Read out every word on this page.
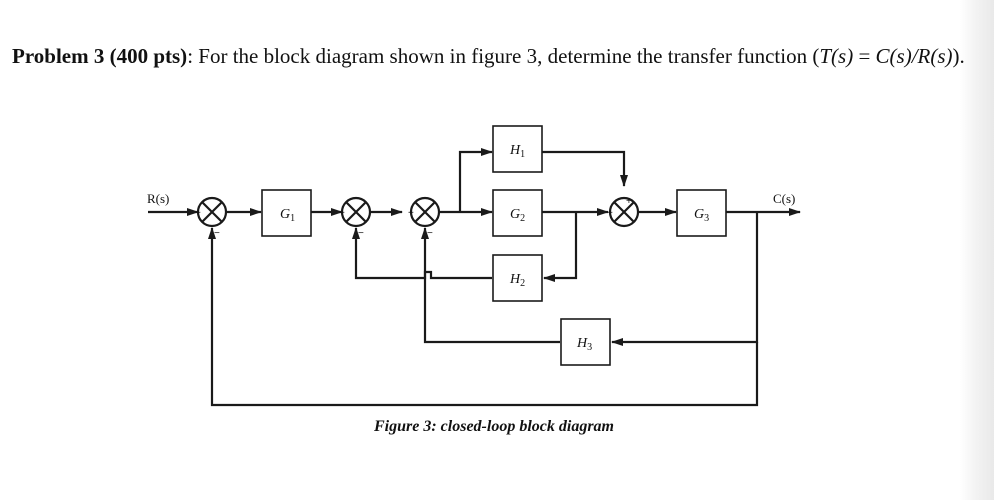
Problem 3 (400 pts): For the block diagram shown in figure 3, determine the transfer function (T(s) = C(s)/R(s)).
+
−
+
−
+
−
+
+
$G_1$
$H_1$
$G_2$
$H_2$
$G_3$
$H_3$
R(s)	C(s)
Figure 3: closed-loop block diagram
